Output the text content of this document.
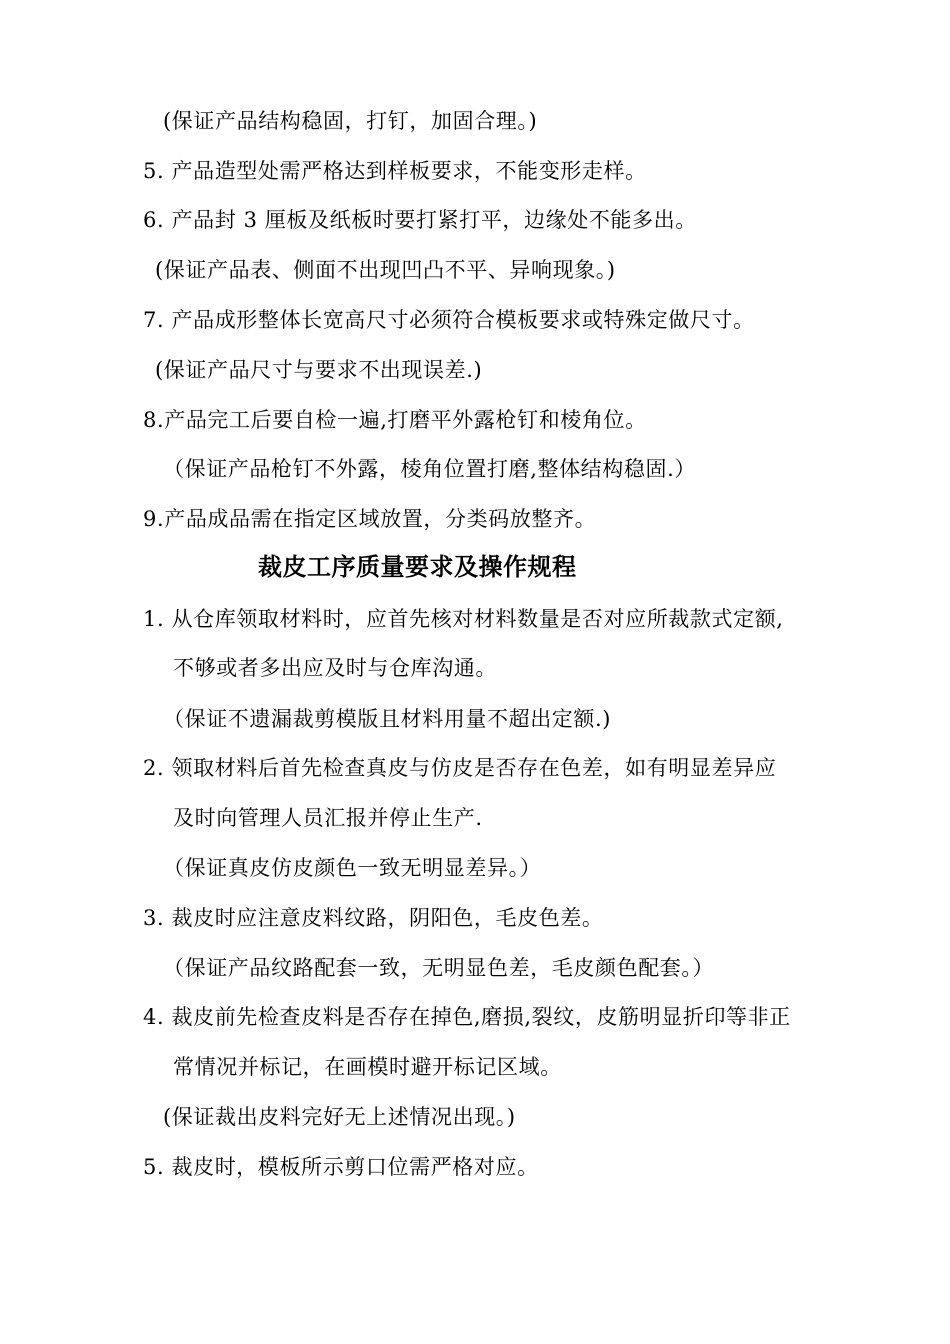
(保证产品结构稳固，打钉，加固合理。)
5. 产品造型处需严格达到样板要求，不能变形走样。
6. 产品封 3 厘板及纸板时要打紧打平，边缘处不能多出。
(保证产品表、侧面不出现凹凸不平、异响现象。)
7. 产品成形整体长宽高尺寸必须符合模板要求或特殊定做尺寸。
(保证产品尺寸与要求不出现误差.)
8.产品完工后要自检一遍,打磨平外露枪钉和棱角位。
（保证产品枪钉不外露，棱角位置打磨,整体结构稳固.）
9.产品成品需在指定区域放置，分类码放整齐。
裁皮工序质量要求及操作规程
1. 从仓库领取材料时，应首先核对材料数量是否对应所裁款式定额,
不够或者多出应及时与仓库沟通。
（保证不遗漏裁剪模版且材料用量不超出定额.)
2. 领取材料后首先检查真皮与仿皮是否存在色差，如有明显差异应
及时向管理人员汇报并停止生产.
（保证真皮仿皮颜色一致无明显差异。）
3. 裁皮时应注意皮料纹路，阴阳色，毛皮色差。
（保证产品纹路配套一致，无明显色差，毛皮颜色配套。）
4. 裁皮前先检查皮料是否存在掉色,磨损,裂纹，皮筋明显折印等非正
常情况并标记，在画模时避开标记区域。
(保证裁出皮料完好无上述情况出现。)
5. 裁皮时，模板所示剪口位需严格对应。
